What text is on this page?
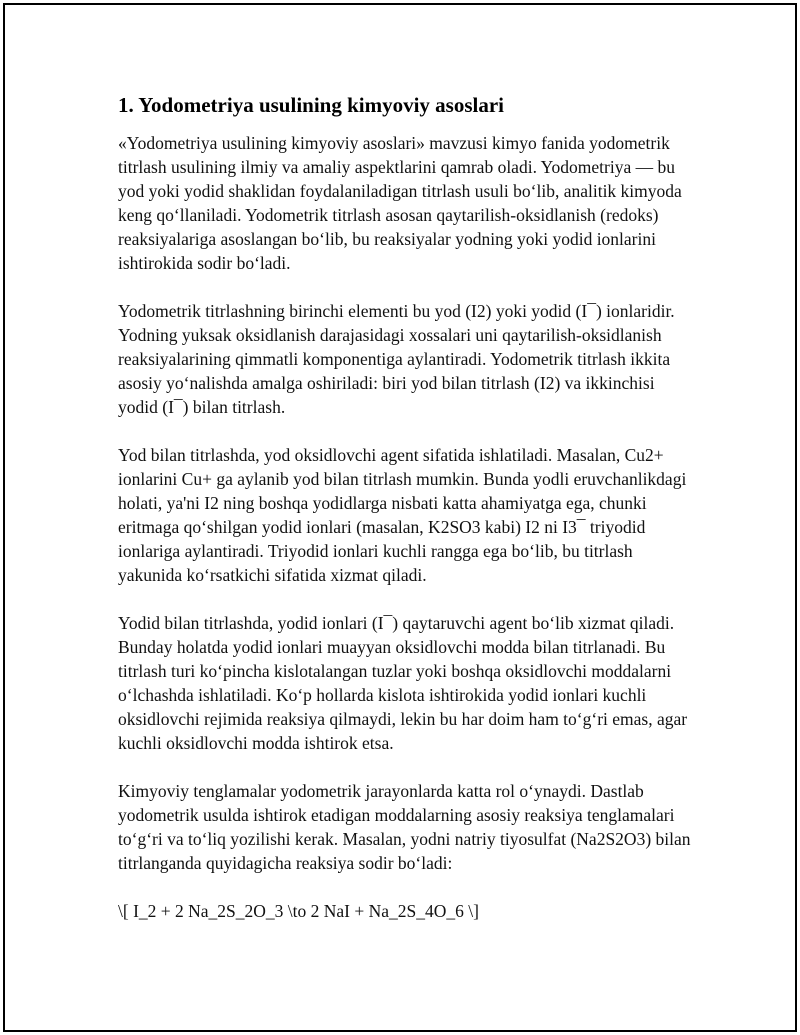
1. Yodometriya usulining kimyoviy asoslari

«Yodometriya usulining kimyoviy asoslari» mavzusi kimyo fanida yodometrik titrlash usulining ilmiy va amaliy aspektlarini qamrab oladi. Yodometriya — bu yod yoki yodid shaklidan foydalaniladigan titrlash usuli bo‘lib, analitik kimyoda keng qo‘llaniladi. Yodometrik titrlash asosan qaytarilish-oksidlanish (redoks) reaksiyalariga asoslangan bo‘lib, bu reaksiyalar yodning yoki yodid ionlarini ishtirokida sodir bo‘ladi.

Yodometrik titrlashning birinchi elementi bu yod (I2) yoki yodid (I¯) ionlaridir. Yodning yuksak oksidlanish darajasidagi xossalari uni qaytarilish-oksidlanish reaksiyalarining qimmatli komponentiga aylantiradi. Yodometrik titrlash ikkita asosiy yo‘nalishda amalga oshiriladi: biri yod bilan titrlash (I2) va ikkinchisi yodid (I¯) bilan titrlash.

Yod bilan titrlashda, yod oksidlovchi agent sifatida ishlatiladi. Masalan, Cu2+ ionlarini Cu+ ga aylanib yod bilan titrlash mumkin. Bunda yodli eruvchanlikdagi holati, ya'ni I2 ning boshqa yodidlarga nisbati katta ahamiyatga ega, chunki eritmaga qo‘shilgan yodid ionlari (masalan, K2SO3 kabi) I2 ni I3¯ triyodid ionlariga aylantiradi. Triyodid ionlari kuchli rangga ega bo‘lib, bu titrlash yakunida ko‘rsatkichi sifatida xizmat qiladi.

Yodid bilan titrlashda, yodid ionlari (I¯) qaytaruvchi agent bo‘lib xizmat qiladi. Bunday holatda yodid ionlari muayyan oksidlovchi modda bilan titrlanadi. Bu titrlash turi ko‘pincha kislotalangan tuzlar yoki boshqa oksidlovchi moddalarni o‘lchashda ishlatiladi. Ko‘p hollarda kislota ishtirokida yodid ionlari kuchli oksidlovchi rejimida reaksiya qilmaydi, lekin bu har doim ham to‘g‘ri emas, agar kuchli oksidlovchi modda ishtirok etsa.

Kimyoviy tenglamalar yodometrik jarayonlarda katta rol o‘ynaydi. Dastlab yodometrik usulda ishtirok etadigan moddalarning asosiy reaksiya tenglamalari to‘g‘ri va to‘liq yozilishi kerak. Masalan, yodni natriy tiyosulfat (Na2S2O3) bilan titrlanganda quyidagicha reaksiya sodir bo‘ladi:

\[ I_2 + 2 Na_2S_2O_3 \to 2 NaI + Na_2S_4O_6 \]
